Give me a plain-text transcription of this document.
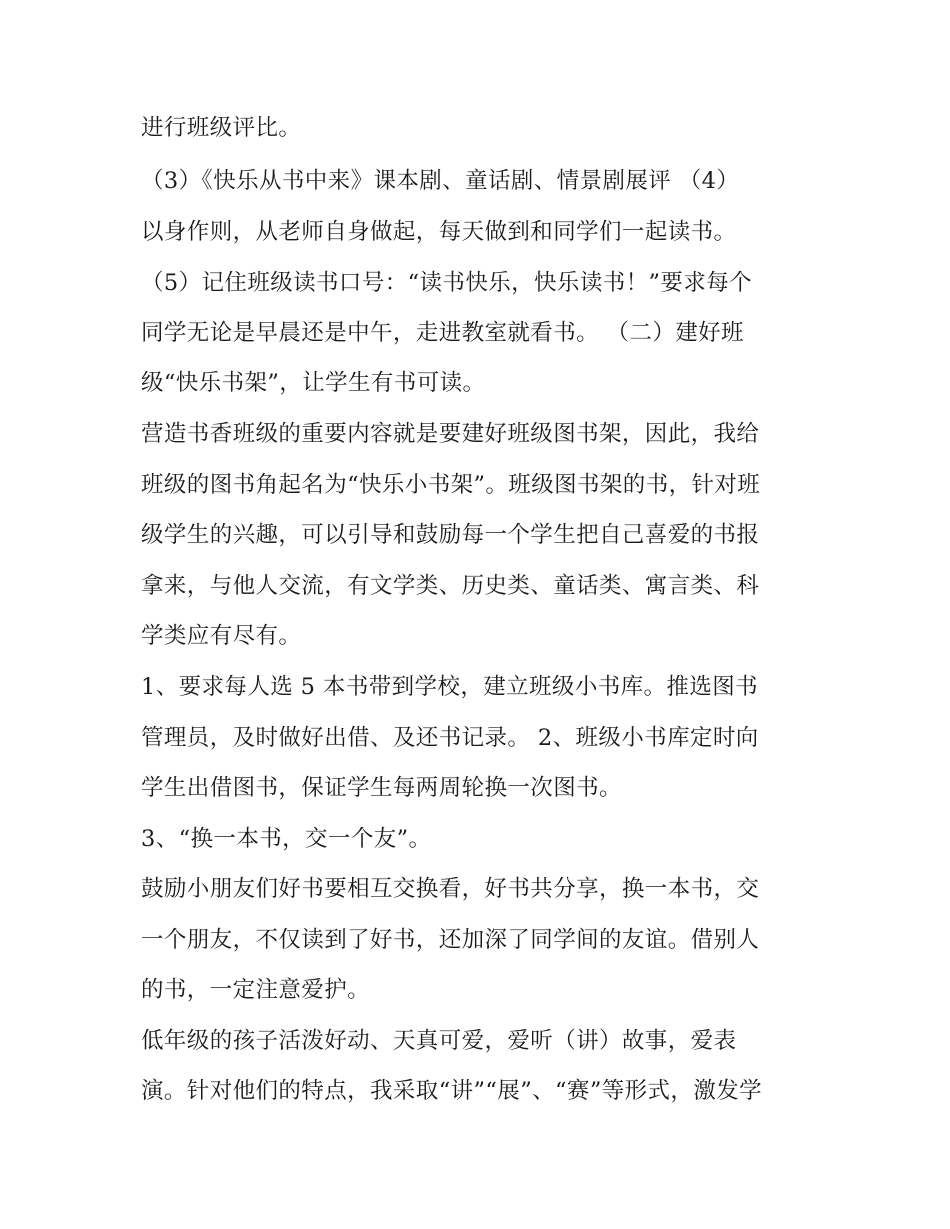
进行班级评比。
（3）《快乐从书中来》课本剧、童话剧、情景剧展评 （4）
以身作则，从老师自身做起，每天做到和同学们一起读书。
（5）记住班级读书口号：“读书快乐，快乐读书！”要求每个
同学无论是早晨还是中午，走进教室就看书。 （二）建好班
级“快乐书架”，让学生有书可读。
营造书香班级的重要内容就是要建好班级图书架，因此，我给
班级的图书角起名为“快乐小书架”。班级图书架的书，针对班
级学生的兴趣，可以引导和鼓励每一个学生把自己喜爱的书报
拿来，与他人交流，有文学类、历史类、童话类、寓言类、科
学类应有尽有。
1、要求每人选 5 本书带到学校，建立班级小书库。推选图书
管理员，及时做好出借、及还书记录。 2、班级小书库定时向
学生出借图书，保证学生每两周轮换一次图书。
3、“换一本书，交一个友”。
鼓励小朋友们好书要相互交换看，好书共分享，换一本书，交
一个朋友，不仅读到了好书，还加深了同学间的友谊。借别人
的书，一定注意爱护。
低年级的孩子活泼好动、天真可爱，爱听（讲）故事，爱表
演。针对他们的特点，我采取“讲”“展”、“赛”等形式，激发学
